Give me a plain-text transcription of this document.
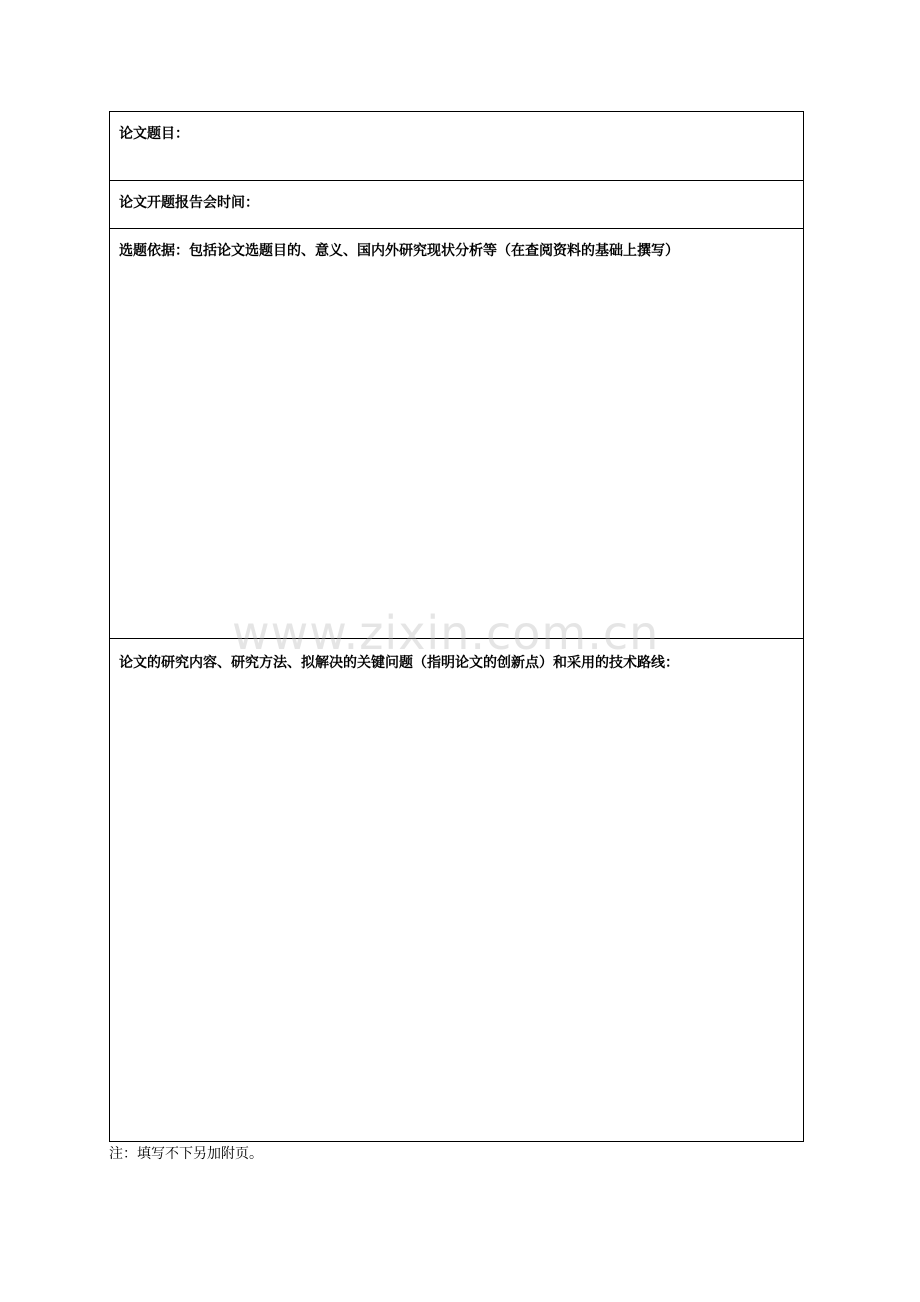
论文题目：
论文开题报告会时间：
选题依据：包括论文选题目的、意义、国内外研究现状分析等（在查阅资料的基础上撰写）
论文的研究内容、研究方法、拟解决的关键问题（指明论文的创新点）和采用的技术路线：
www.zixin.com.cn
注：填写不下另加附页。
